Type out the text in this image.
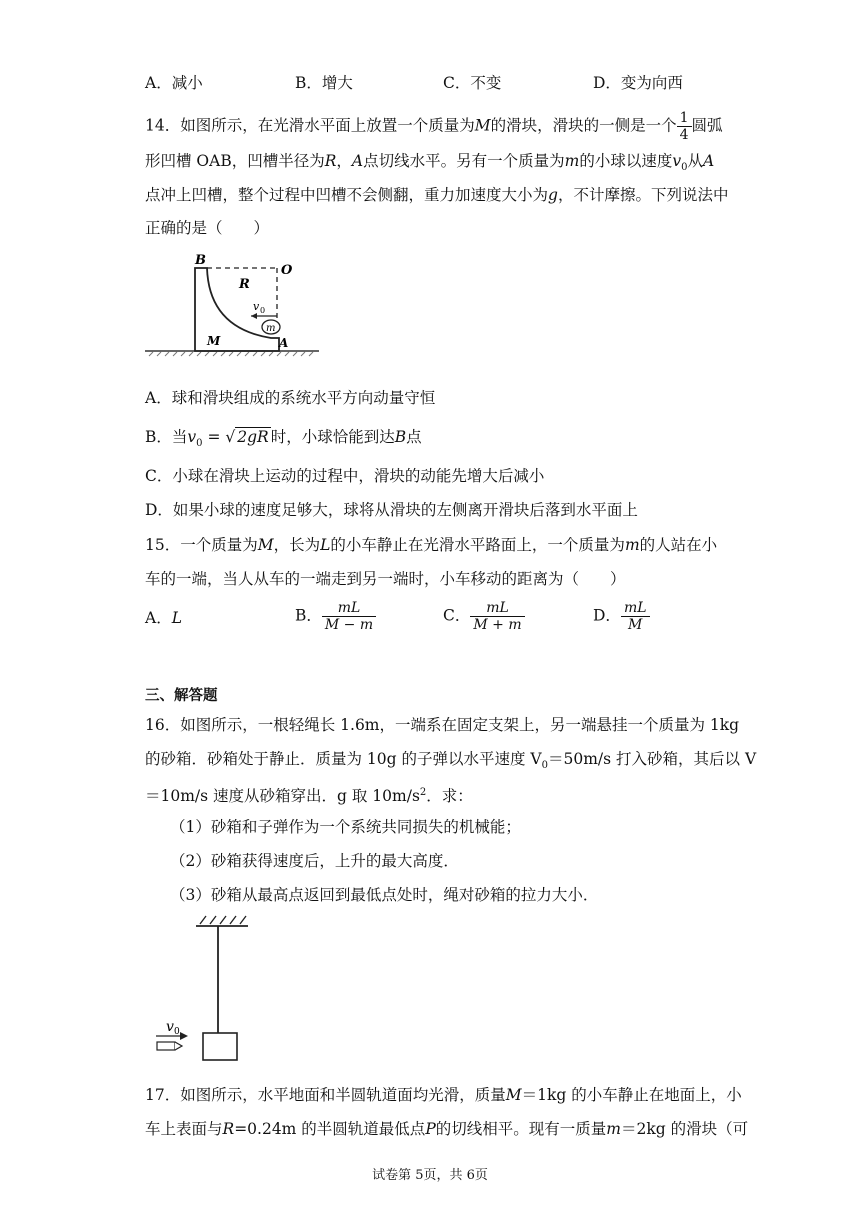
A．减小	B．增大	C．不变	D．变为向西
14．如图所示，在光滑水平面上放置一个质量为M的滑块，滑块的一侧是一个 $\frac{1}{4}$ 圆弧
形凹槽 OAB，凹槽半径为R，A点切线水平。另有一个质量为m的小球以速度$v_0$从A
点冲上凹槽，整个过程中凹槽不会侧翻，重力加速度大小为g，不计摩擦。下列说法中
正确的是（　　）
m
v 0
B
O
R
M	A
A．球和滑块组成的系统水平方向动量守恒
B．当$v_0$ = √ 2gR 时，小球恰能到达B点
C．小球在滑块上运动的过程中，滑块的动能先增大后减小
D．如果小球的速度足够大，球将从滑块的左侧离开滑块后落到水平面上
15．一个质量为M，长为L的小车静止在光滑水平路面上，一个质量为m的人站在小
车的一端，当人从车的一端走到另一端时，小车移动的距离为（　　）
A．L	B． $\frac{mL}{M - m}$	C． $\frac{mL}{M + m}$	D． $\frac{mL}{M}$
三、解答题
16．如图所示，一根轻绳长 1.6m，一端系在固定支架上，另一端悬挂一个质量为 1kg
的砂箱．砂箱处于静止．质量为 10g 的子弹以水平速度 $V_0=50m/s$ 打入砂箱，其后以 V
＝10m/s 速度从砂箱穿出．g 取 $10m/s^2$．求：
（1）砂箱和子弹作为一个系统共同损失的机械能；
（2）砂箱获得速度后，上升的最大高度．
（3）砂箱从最高点返回到最低点处时，绳对砂箱的拉力大小．
v 0
17．如图所示，水平地面和半圆轨道面均光滑，质量M＝1kg 的小车静止在地面上，小
车上表面与R=0.24m 的半圆轨道最低点P的切线相平。现有一质量m＝2kg 的滑块（可
试卷第 5页，共 6页
